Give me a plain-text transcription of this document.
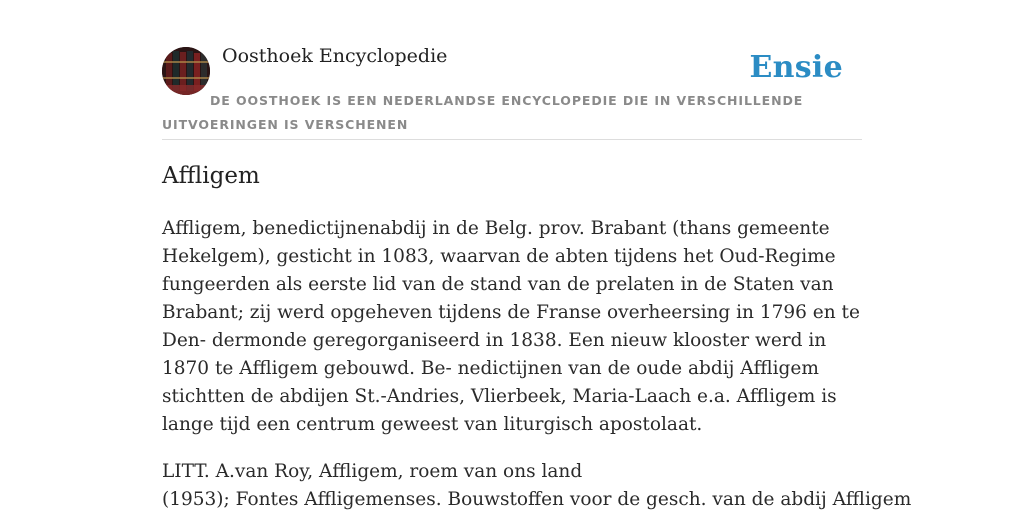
Oosthoek Encyclopedie	Ensie
DE OOSTHOEK IS EEN NEDERLANDSE ENCYCLOPEDIE DIE IN VERSCHILLENDE UITVOERINGEN IS VERSCHENEN
Affligem

Affligem, benedictijnenabdij in de Belg. prov. Brabant (thans gemeente Hekelgem), gesticht in 1083, waarvan de abten tijdens het Oud-Regime fungeerden als eerste lid van de stand van de prelaten in de Staten van Brabant; zij werd opgeheven tijdens de Franse overheersing in 1796 en te Den- dermonde geregorganiseerd in 1838. Een nieuw klooster werd in 1870 te Affligem gebouwd. Be- nedictijnen van de oude abdij Affligem stichtten de abdijen St.-Andries, Vlierbeek, Maria-Laach e.a. Affligem is lange tijd een centrum geweest van liturgisch apostolaat.

LITT. A.van Roy, Affligem, roem van ons land
(1953); Fontes Affligemenses. Bouwstoffen voor de gesch. van de abdij Affligem
